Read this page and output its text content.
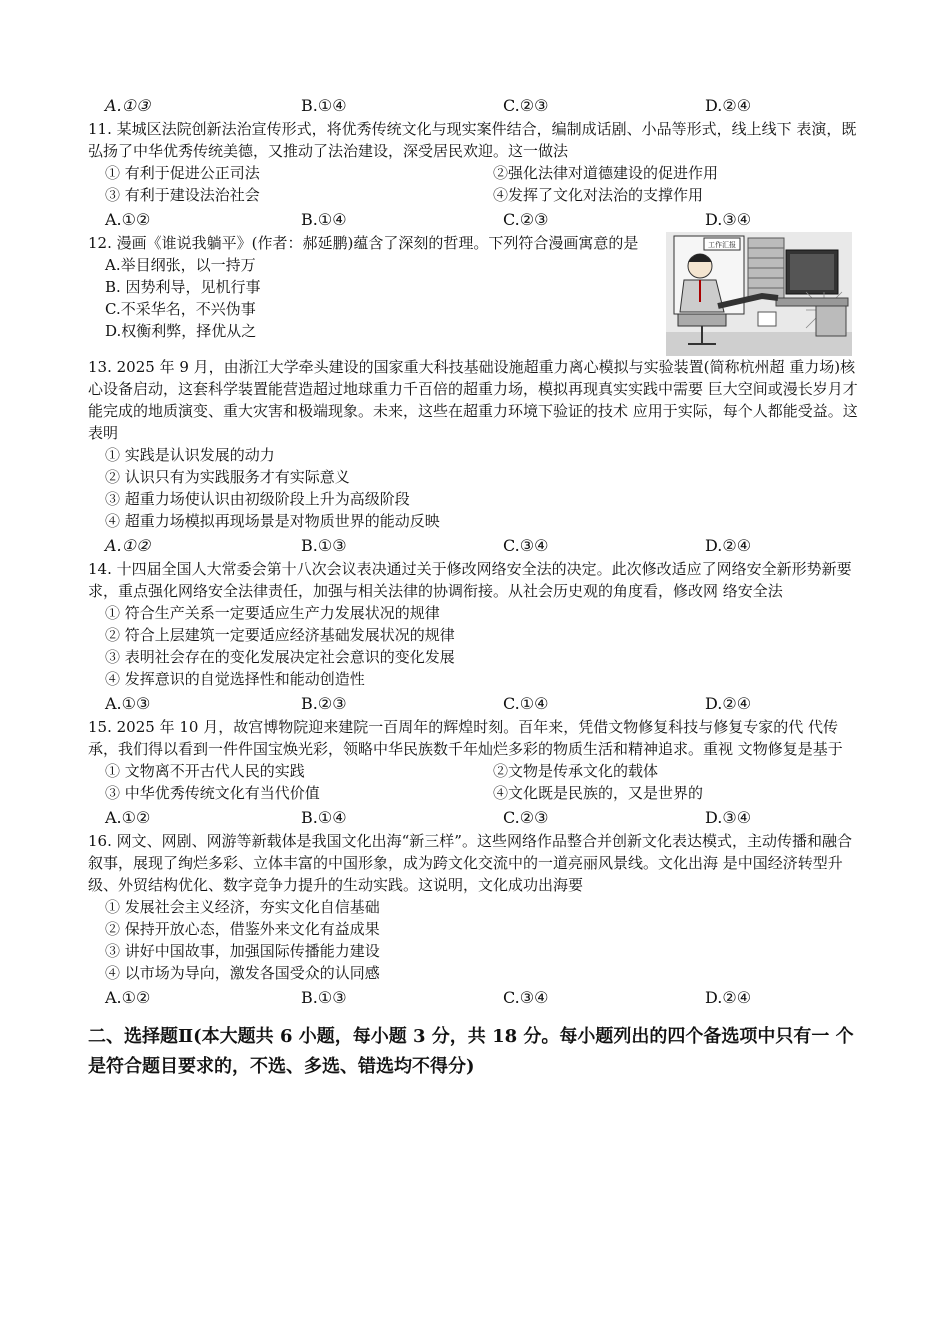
A.①③	B.①④	C.②③	D.②④

11. 某城区法院创新法治宣传形式，将优秀传统文化与现实案件结合，编制成话剧、小品等形式，线上线下 表演，既弘扬了中华优秀传统美德，又推动了法治建设，深受居民欢迎。这一做法

① 有利于促进公正司法	②强化法律对道德建设的促进作用
③ 有利于建设法治社会	④发挥了文化对法治的支撑作用
A.①②	B.①④	C.②③	D.③④

12. 漫画《谁说我躺平》(作者：郝延鹏)蕴含了深刻的哲理。下列符合漫画寓意的是

A.举目纲张，以一持万
B. 因势利导，见机行事
C.不采华名，不兴伪事
D.权衡利弊，择优从之
工作汇报

13. 2025 年 9 月，由浙江大学牵头建设的国家重大科技基础设施超重力离心模拟与实验装置(简称杭州超 重力场)核心设备启动，这套科学装置能营造超过地球重力千百倍的超重力场，模拟再现真实实践中需要 巨大空间或漫长岁月才能完成的地质演变、重大灾害和极端现象。未来，这些在超重力环境下验证的技术 应用于实际，每个人都能受益。这表明

① 实践是认识发展的动力
② 认识只有为实践服务才有实际意义
③ 超重力场使认识由初级阶段上升为高级阶段
④ 超重力场模拟再现场景是对物质世界的能动反映
A.①②	B.①③	C.③④	D.②④

14. 十四届全国人大常委会第十八次会议表决通过关于修改网络安全法的决定。此次修改适应了网络安全新形势新要求，重点强化网络安全法律责任，加强与相关法律的协调衔接。从社会历史观的角度看，修改网 络安全法

① 符合生产关系一定要适应生产力发展状况的规律
② 符合上层建筑一定要适应经济基础发展状况的规律
③ 表明社会存在的变化发展决定社会意识的变化发展
④ 发挥意识的自觉选择性和能动创造性
A.①③	B.②③	C.①④	D.②④

15. 2025 年 10 月，故宫博物院迎来建院一百周年的辉煌时刻。百年来，凭借文物修复科技与修复专家的代 代传承，我们得以看到一件件国宝焕光彩，领略中华民族数千年灿烂多彩的物质生活和精神追求。重视 文物修复是基于

① 文物离不开古代人民的实践	②文物是传承文化的载体
③ 中华优秀传统文化有当代价值	④文化既是民族的，又是世界的
A.①②	B.①④	C.②③	D.③④

16. 网文、网剧、网游等新载体是我国文化出海“新三样”。这些网络作品整合并创新文化表达模式，主动传播和融合叙事，展现了绚烂多彩、立体丰富的中国形象，成为跨文化交流中的一道亮丽风景线。文化出海 是中国经济转型升级、外贸结构优化、数字竞争力提升的生动实践。这说明，文化成功出海要

① 发展社会主义经济，夯实文化自信基础
② 保持开放心态，借鉴外来文化有益成果
③ 讲好中国故事，加强国际传播能力建设
④ 以市场为导向，激发各国受众的认同感
A.①②	B.①③	C.③④	D.②④
二、选择题Ⅱ(本大题共 6 小题，每小题 3 分，共 18 分。每小题列出的四个备选项中只有一 个是符合题目要求的，不选、多选、错选均不得分)
